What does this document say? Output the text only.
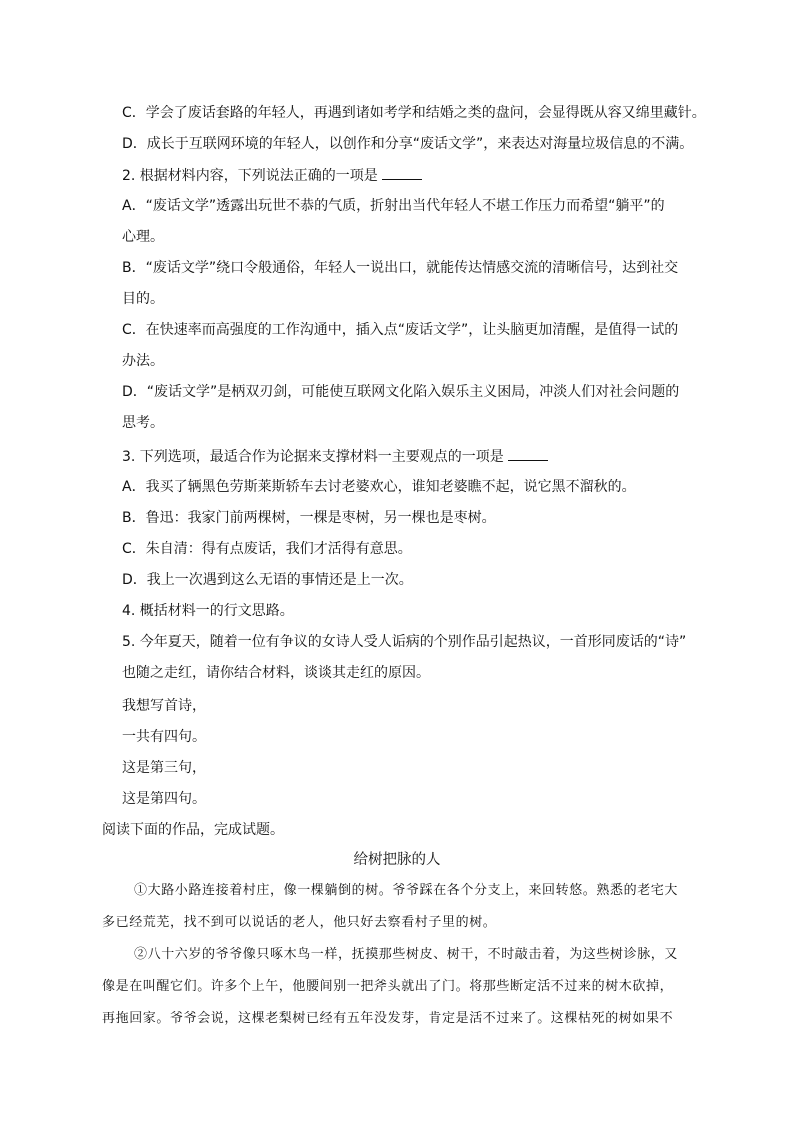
C．学会了废话套路的年轻人，再遇到诸如考学和结婚之类的盘问，会显得既从容又绵里藏针。
D．成长于互联网环境的年轻人，以创作和分享“废话文学”，来表达对海量垃圾信息的不满。
2. 根据材料内容，下列说法正确的一项是
A．“废话文学”透露出玩世不恭的气质，折射出当代年轻人不堪工作压力而希望“躺平”的
心理。
B．“废话文学”绕口令般通俗，年轻人一说出口，就能传达情感交流的清晰信号，达到社交
目的。
C．在快速率而高强度的工作沟通中，插入点“废话文学”，让头脑更加清醒，是值得一试的
办法。
D．“废话文学”是柄双刃剑，可能使互联网文化陷入娱乐主义困局，冲淡人们对社会问题的
思考。
3. 下列选项，最适合作为论据来支撑材料一主要观点的一项是
A．我买了辆黑色劳斯莱斯轿车去讨老婆欢心，谁知老婆瞧不起，说它黑不溜秋的。
B．鲁迅：我家门前两棵树，一棵是枣树，另一棵也是枣树。
C．朱自清：得有点废话，我们才活得有意思。
D．我上一次遇到这么无语的事情还是上一次。
4. 概括材料一的行文思路。
5. 今年夏天，随着一位有争议的女诗人受人诟病的个别作品引起热议，一首形同废话的“诗”
也随之走红，请你结合材料，谈谈其走红的原因。
我想写首诗，
一共有四句。
这是第三句，
这是第四句。
阅读下面的作品，完成试题。
给树把脉的人
①大路小路连接着村庄，像一棵躺倒的树。爷爷踩在各个分支上，来回转悠。熟悉的老宅大
多已经荒芜，找不到可以说话的老人，他只好去察看村子里的树。
②八十六岁的爷爷像只啄木鸟一样，抚摸那些树皮、树干，不时敲击着，为这些树诊脉，又
像是在叫醒它们。许多个上午，他腰间别一把斧头就出了门。将那些断定活不过来的树木砍掉，
再拖回家。爷爷会说，这棵老梨树已经有五年没发芽，肯定是活不过来了。这棵枯死的树如果不
